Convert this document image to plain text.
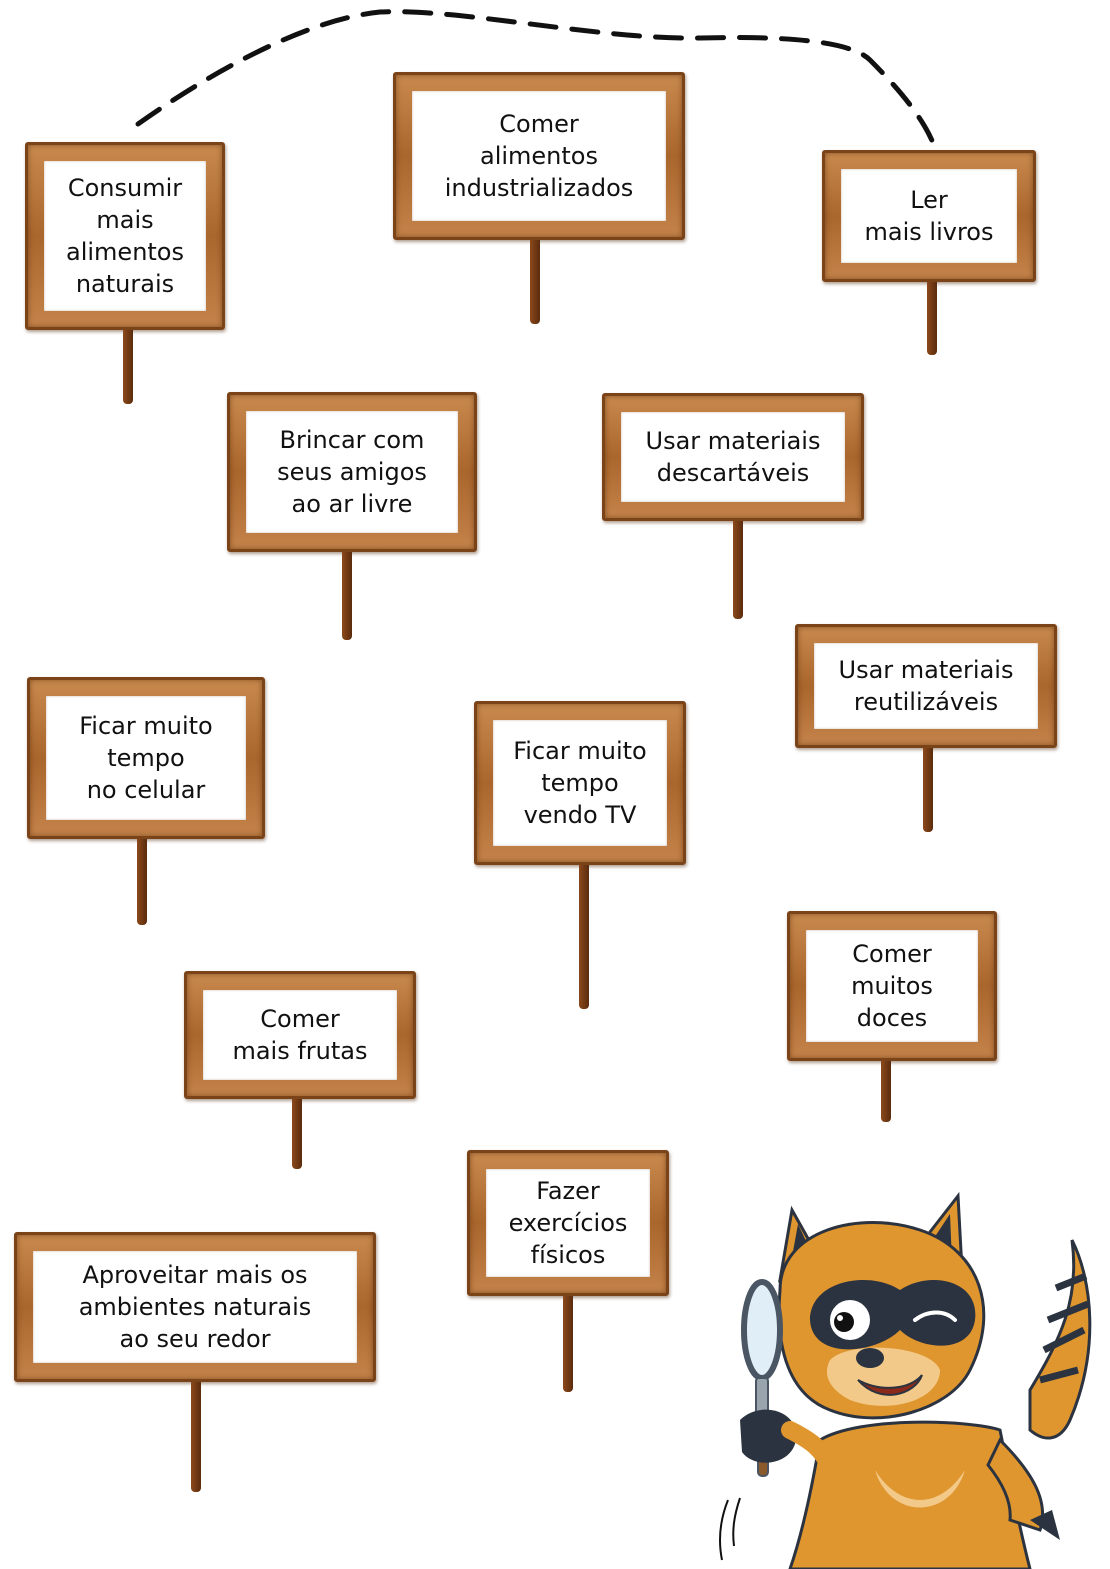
Consumir
mais
alimentos
naturais
Comer
alimentos
industrializados	Ler
mais livros
Brincar com
seus amigos
ao ar livre
Usar materiais
descartáveis
Usar materiais
reutilizáveis
Ficar muito
tempo
no celular
Ficar muito
tempo
vendo TV
Comer
muitos
doces
Comer
mais frutas
Fazer
exercícios
físicos
Aproveitar mais os
ambientes naturais
ao seu redor
